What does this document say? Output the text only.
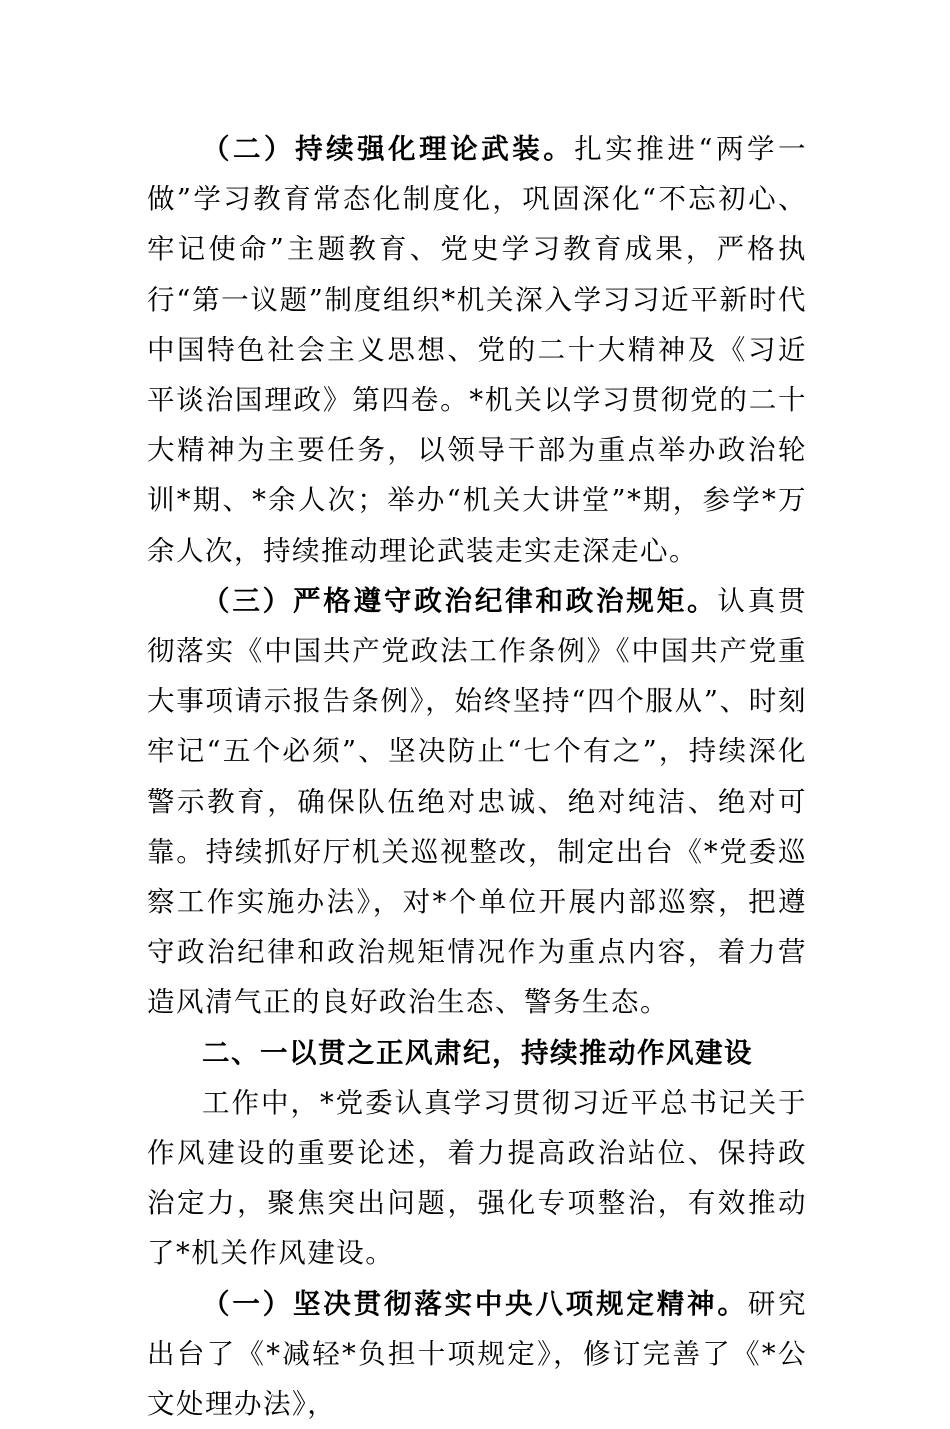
（二）持续强化理论武装。扎实推进“两学一做”学习教育常态化制度化，巩固深化“不忘初心、牢记使命”主题教育、党史学习教育成果，严格执行“第一议题”制度组织*机关深入学习习近平新时代中国特色社会主义思想、党的二十大精神及《习近平谈治国理政》第四卷。*机关以学习贯彻党的二十大精神为主要任务，以领导干部为重点举办政治轮训*期、*余人次；举办“机关大讲堂”*期，参学*万余人次，持续推动理论武装走实走深走心。

（三）严格遵守政治纪律和政治规矩。认真贯彻落实《中国共产党政法工作条例》《中国共产党重大事项请示报告条例》，始终坚持“四个服从”、时刻牢记“五个必须”、坚决防止“七个有之”，持续深化警示教育，确保队伍绝对忠诚、绝对纯洁、绝对可靠。持续抓好厅机关巡视整改，制定出台《*党委巡察工作实施办法》，对*个单位开展内部巡察，把遵守政治纪律和政治规矩情况作为重点内容，着力营造风清气正的良好政治生态、警务生态。

二、一以贯之正风肃纪，持续推动作风建设

工作中，*党委认真学习贯彻习近平总书记关于作风建设的重要论述，着力提高政治站位、保持政治定力，聚焦突出问题，强化专项整治，有效推动了*机关作风建设。

（一）坚决贯彻落实中央八项规定精神。研究出台了《*减轻*负担十项规定》，修订完善了《*公文处理办法》，
